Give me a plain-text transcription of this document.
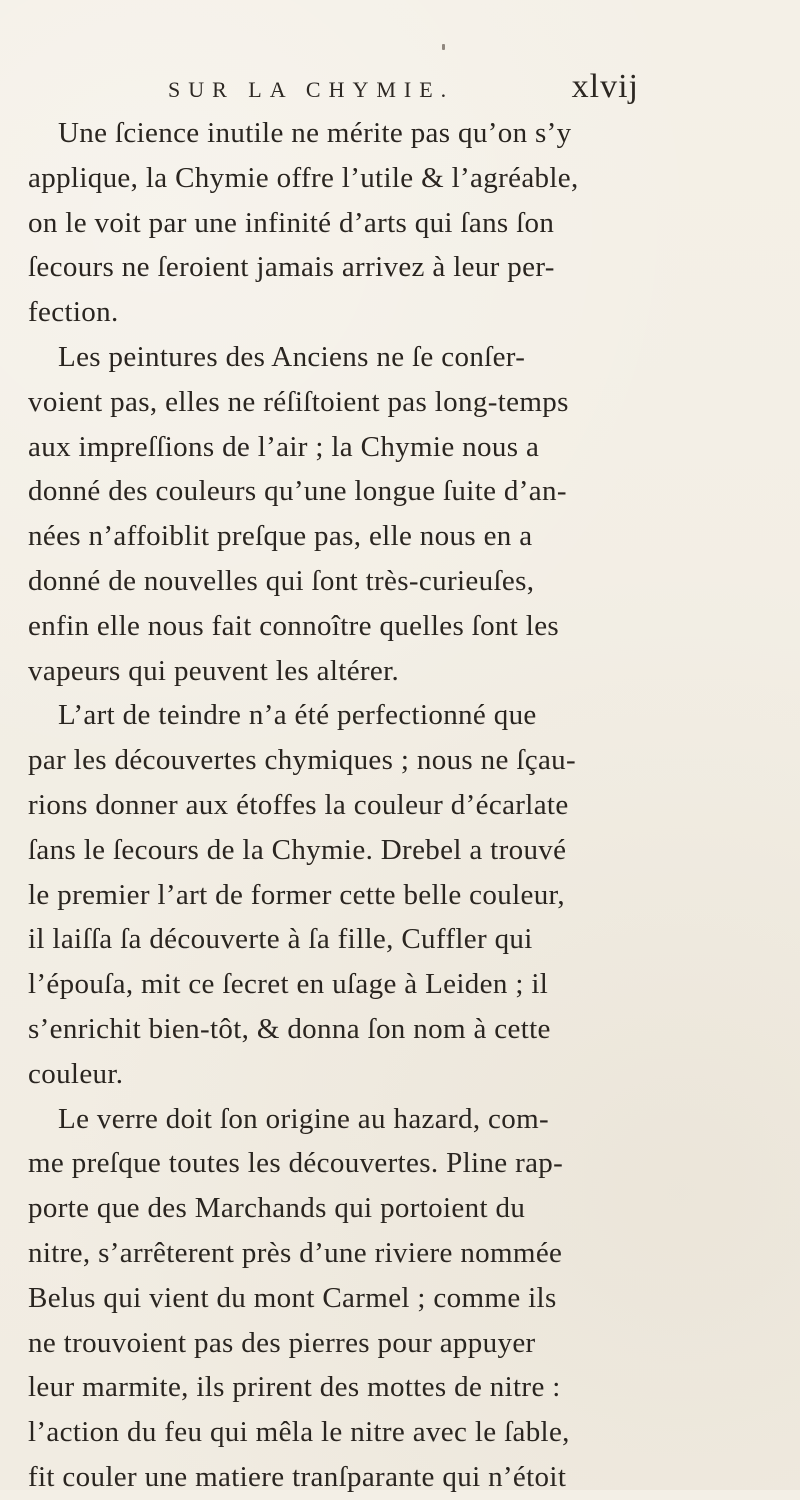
SUR LA CHYMIE.	xlvij
Une ſcience inutile ne mérite pas qu’on s’y
applique, la Chymie offre l’utile & l’agréable,
on le voit par une infinité d’arts qui ſans ſon
ſecours ne ſeroient jamais arrivez à leur per-
fection.
Les peintures des Anciens ne ſe conſer-
voient pas, elles ne réſiſtoient pas long-temps
aux impreſſions de l’air ; la Chymie nous a
donné des couleurs qu’une longue ſuite d’an-
nées n’affoiblit preſque pas, elle nous en a
donné de nouvelles qui ſont très-curieuſes,
enfin elle nous fait connoître quelles ſont les
vapeurs qui peuvent les altérer.
L’art de teindre n’a été perfectionné que
par les découvertes chymiques ; nous ne ſçau-
rions donner aux étoffes la couleur d’écarlate
ſans le ſecours de la Chymie. Drebel a trouvé
le premier l’art de former cette belle couleur,
il laiſſa ſa découverte à ſa fille, Cuffler qui
l’épouſa, mit ce ſecret en uſage à Leiden ; il
s’enrichit bien-tôt, & donna ſon nom à cette
couleur.
Le verre doit ſon origine au hazard, com-
me preſque toutes les découvertes. Pline rap-
porte que des Marchands qui portoient du
nitre, s’arrêterent près d’une riviere nommée
Belus qui vient du mont Carmel ; comme ils
ne trouvoient pas des pierres pour appuyer
leur marmite, ils prirent des mottes de nitre :
l’action du feu qui mêla le nitre avec le ſable,
fit couler une matiere tranſparante qui n’étoit
